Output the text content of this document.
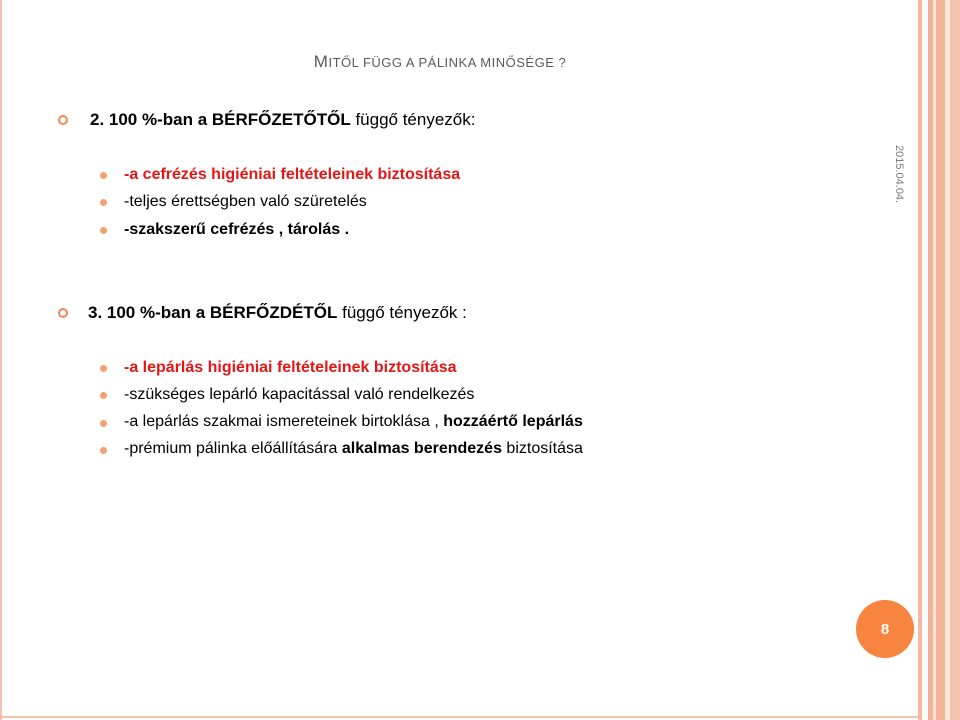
MITŐL FÜGG A PÁLINKA MINŐSÉGE ?
2015.04.04.
2. 100 %-ban a BÉRFŐZETŐTŐL függő tényezők:
-a cefrézés higiéniai feltételeinek biztosítása
-teljes érettségben való szüretelés
-szakszerű cefrézés , tárolás .
3. 100 %-ban a BÉRFŐZDÉTŐL függő tényezők :
-a lepárlás higiéniai feltételeinek biztosítása
-szükséges lepárló kapacitással való rendelkezés
-a lepárlás szakmai ismereteinek birtoklása , hozzáértő lepárlás
-prémium pálinka előállítására alkalmas berendezés biztosítása
8
